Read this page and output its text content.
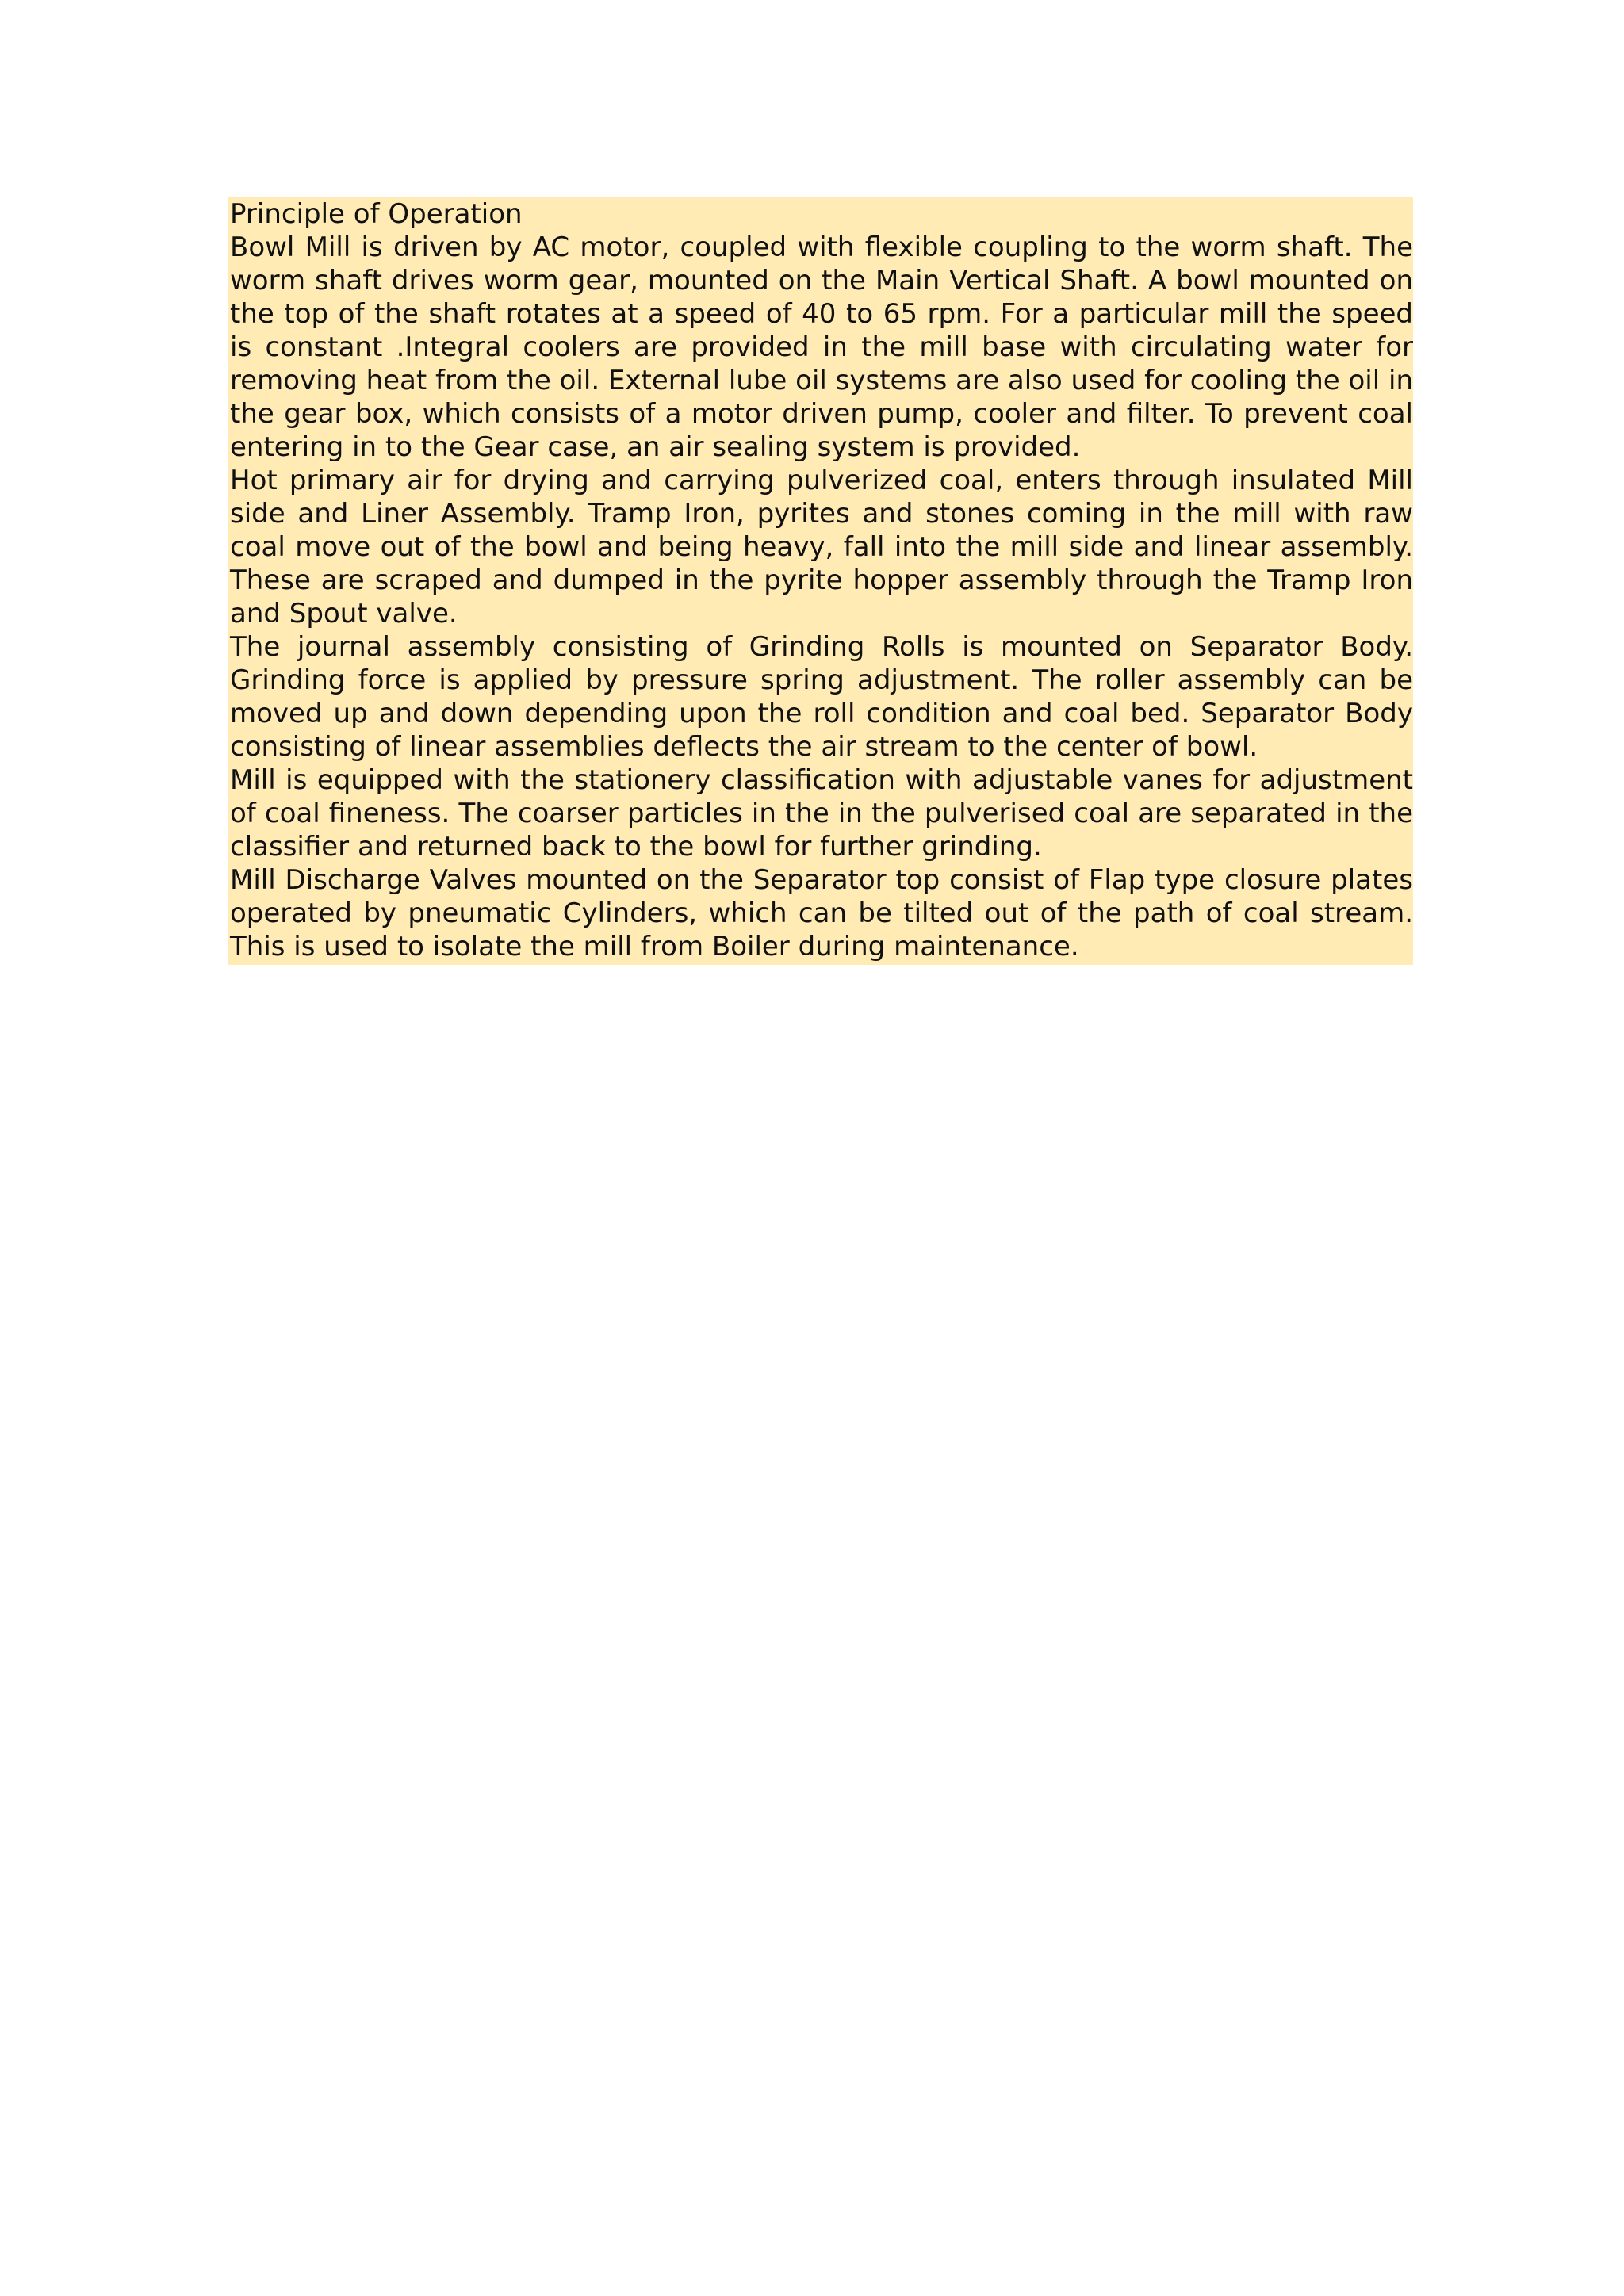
Principle of Operation

Bowl Mill is driven by AC motor, coupled with flexible coupling to the worm shaft. The worm shaft drives worm gear, mounted on the Main Vertical Shaft. A bowl mounted on the top of the shaft rotates at a speed of 40 to 65 rpm. For a particular mill the speed is constant .Integral coolers are provided in the mill base with circulating water for removing heat from the oil. External lube oil systems are also used for cooling the oil in the gear box, which consists of a motor driven pump, cooler and filter. To prevent coal entering in to the Gear case, an air sealing system is provided.

Hot primary air for drying and carrying pulverized coal, enters through insulated Mill side and Liner Assembly. Tramp Iron, pyrites and stones coming in the mill with raw coal move out of the bowl and being heavy, fall into the mill side and linear assembly. These are scraped and dumped in the pyrite hopper assembly through the Tramp Iron and Spout valve.

The journal assembly consisting of Grinding Rolls is mounted on Separator Body. Grinding force is applied by pressure spring adjustment. The roller assembly can be moved up and down depending upon the roll condition and coal bed. Separator Body consisting of linear assemblies deflects the air stream to the center of bowl.

Mill is equipped with the stationery classification with adjustable vanes for adjustment of coal fineness. The coarser particles in the in the pulverised coal are separated in the classifier and returned back to the bowl for further grinding.

Mill Discharge Valves mounted on the Separator top consist of Flap type closure plates operated by pneumatic Cylinders, which can be tilted out of the path of coal stream. This is used to isolate the mill from Boiler during maintenance.
